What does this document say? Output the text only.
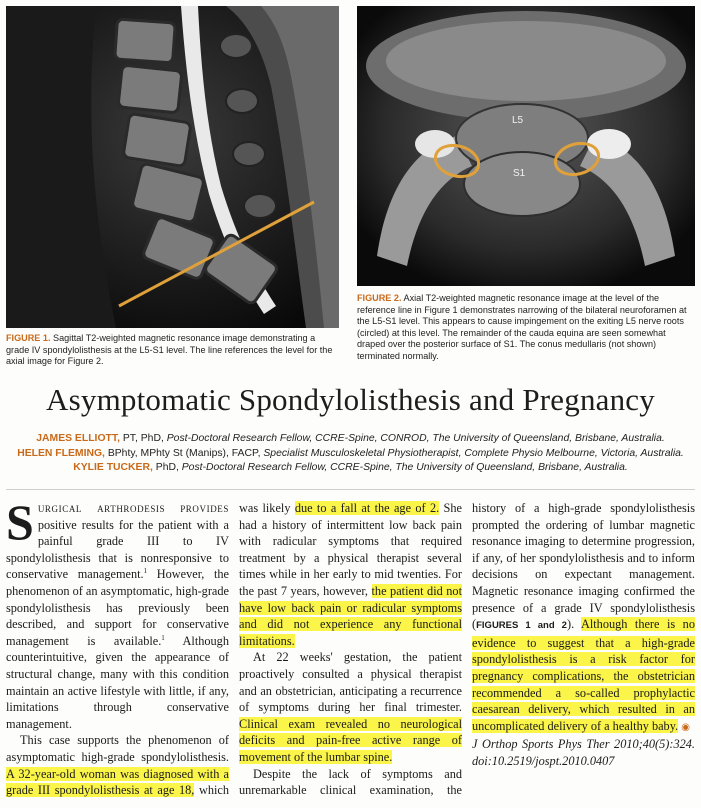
FIGURE 1. Sagittal T2-weighted magnetic resonance image demonstrating a grade IV spondylolisthesis at the L5-S1 level. The line references the level for the axial image for Figure 2.
L5
S1
FIGURE 2. Axial T2-weighted magnetic resonance image at the level of the reference line in Figure 1 demonstrates narrowing of the bilateral neuroforamen at the L5-S1 level. This appears to cause impingement on the exiting L5 nerve roots (circled) at this level. The remainder of the cauda equina are seen somewhat draped over the posterior surface of S1. The conus medullaris (not shown) terminated normally.
Asymptomatic Spondylolisthesis and Pregnancy
JAMES ELLIOTT, PT, PhD, Post-Doctoral Research Fellow, CCRE-Spine, CONROD, The University of Queensland, Brisbane, Australia.
HELEN FLEMING, BPhty, MPhty St (Manips), FACP, Specialist Musculoskeletal Physiotherapist, Complete Physio Melbourne, Victoria, Australia.
KYLIE TUCKER, PhD, Post-Doctoral Research Fellow, CCRE-Spine, The University of Queensland, Brisbane, Australia.

Surgical arthrodesis provides positive results for the patient with a painful grade III to IV spondylolisthesis that is nonresponsive to conservative management.$^1$ However, the phenomenon of an asymptomatic, high-grade spondylolisthesis has previously been described, and support for conservative management is available.$^1$ Although counterintuitive, given the appearance of structural change, many with this condition maintain an active lifestyle with little, if any, limitations through conservative management.

This case supports the phenomenon of asymptomatic high-grade spondylolisthesis. A 32-year-old woman was diagnosed with a grade III spondylolisthesis at age 18, which was likely due to a fall at the age of 2. She had a history of intermittent low back pain with radicular symptoms that required treatment by a physical therapist several times while in her early to mid twenties. For the past 7 years, however, the patient did not have low back pain or radicular symptoms and did not experience any functional limitations.

At 22 weeks' gestation, the patient proactively consulted a physical therapist and an obstetrician, anticipating a recurrence of symptoms during her final trimester. Clinical exam revealed no neurological deficits and pain-free active range of movement of the lumbar spine.

Despite the lack of symptoms and unremarkable clinical examination, the history of a high-grade spondylolisthesis prompted the ordering of lumbar magnetic resonance imaging to determine progression, if any, of her spondylolisthesis and to inform decisions on expectant management. Magnetic resonance imaging confirmed the presence of a grade IV spondylolisthesis (FIGURES 1 and 2). Although there is no evidence to suggest that a high-grade spondylolisthesis is a risk factor for pregnancy complications, the obstetrician recommended a so-called prophylactic caesarean delivery, which resulted in an uncomplicated delivery of a healthy baby. ◉

J Orthop Sports Phys Ther 2010;40(5):324. doi:10.2519/jospt.2010.0407
